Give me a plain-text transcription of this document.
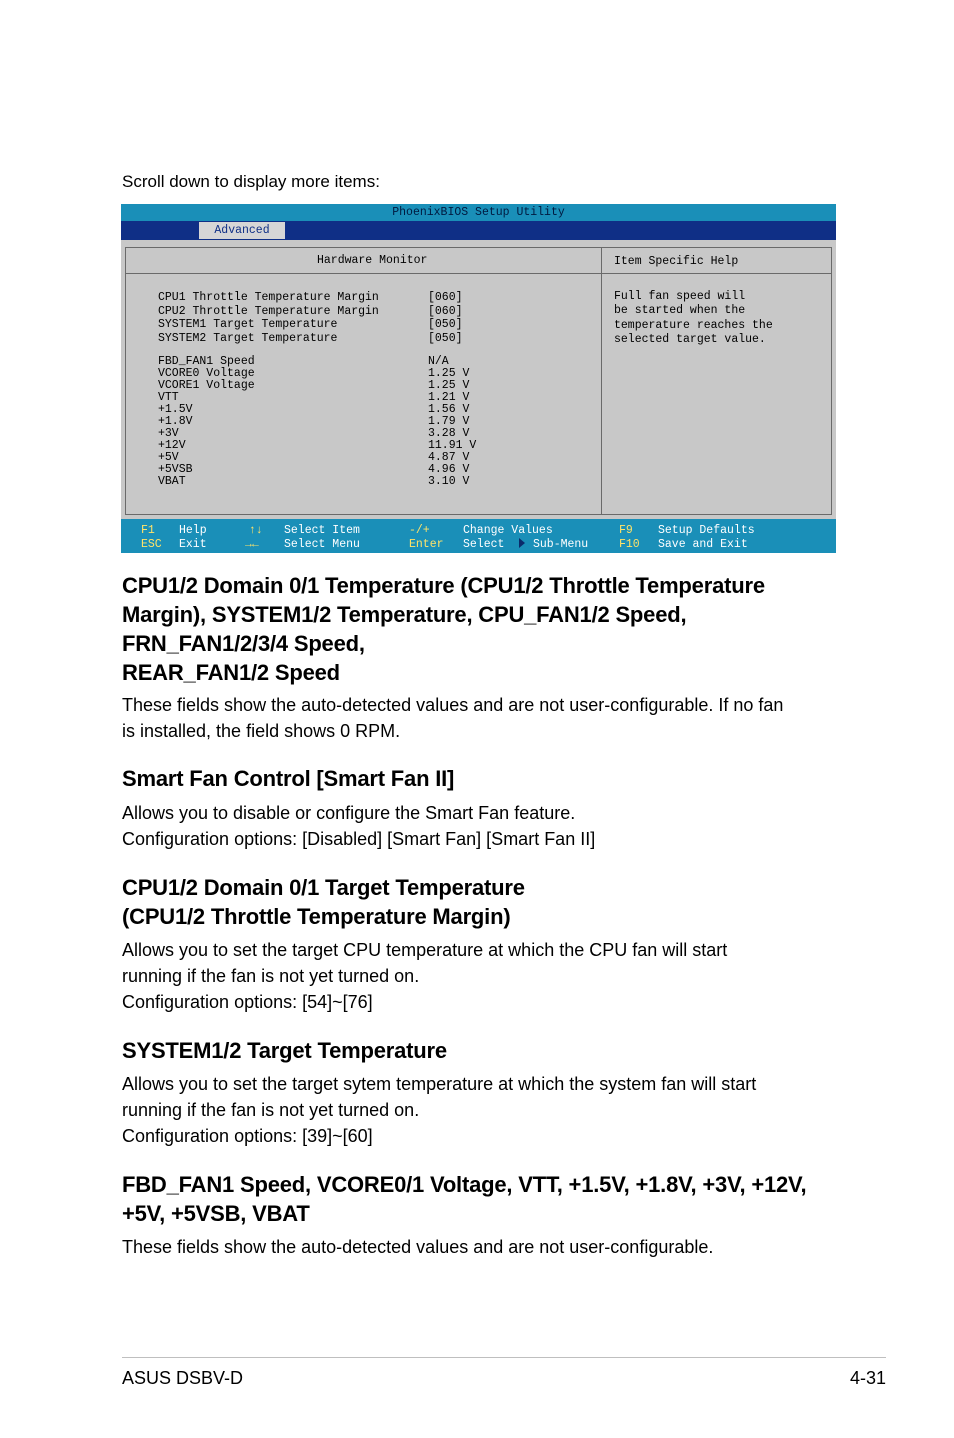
Scroll down to display more items:
PhoenixBIOS Setup Utility
Advanced
Hardware Monitor
CPU1 Throttle Temperature Margin	[060]
CPU2 Throttle Temperature Margin	[060]
SYSTEM1 Target Temperature	[050]
SYSTEM2 Target Temperature	[050]
FBD_FAN1 Speed	N/A
VCORE0 Voltage	1.25 V
VCORE1 Voltage	1.25 V
VTT	1.21 V
+1.5V	1.56 V
+1.8V	1.79 V
+3V	3.28 V
+12V	11.91 V
+5V	4.87 V
+5VSB	4.96 V
VBAT	3.10 V
Item Specific Help
Full fan speed will
be started when the
temperature reaches the
selected target value.
F1 Help
ESC Exit
↑↓ Select Item
→← Select Menu
-/+	Change Values
Enter Select Sub-Menu
F9 Setup Defaults
F10 Save and Exit
CPU1/2 Domain 0/1 Temperature (CPU1/2 Throttle Temperature
Margin), SYSTEM1/2 Temperature, CPU_FAN1/2 Speed,
FRN_FAN1/2/3/4 Speed,
REAR_FAN1/2 Speed
These fields show the auto-detected values and are not user-configurable. If no fan
is installed, the field shows 0 RPM.
Smart Fan Control [Smart Fan II]
Allows you to disable or configure the Smart Fan feature.
Configuration options: [Disabled] [Smart Fan] [Smart Fan II]
CPU1/2 Domain 0/1 Target Temperature
(CPU1/2 Throttle Temperature Margin)
Allows you to set the target CPU temperature at which the CPU fan will start
running if the fan is not yet turned on.
Configuration options: [54]~[76]
SYSTEM1/2 Target Temperature
Allows you to set the target sytem temperature at which the system fan will start
running if the fan is not yet turned on.
Configuration options: [39]~[60]
FBD_FAN1 Speed, VCORE0/1 Voltage, VTT, +1.5V, +1.8V, +3V, +12V,
+5V, +5VSB, VBAT
These fields show the auto-detected values and are not user-configurable.
ASUS DSBV-D	4-31
